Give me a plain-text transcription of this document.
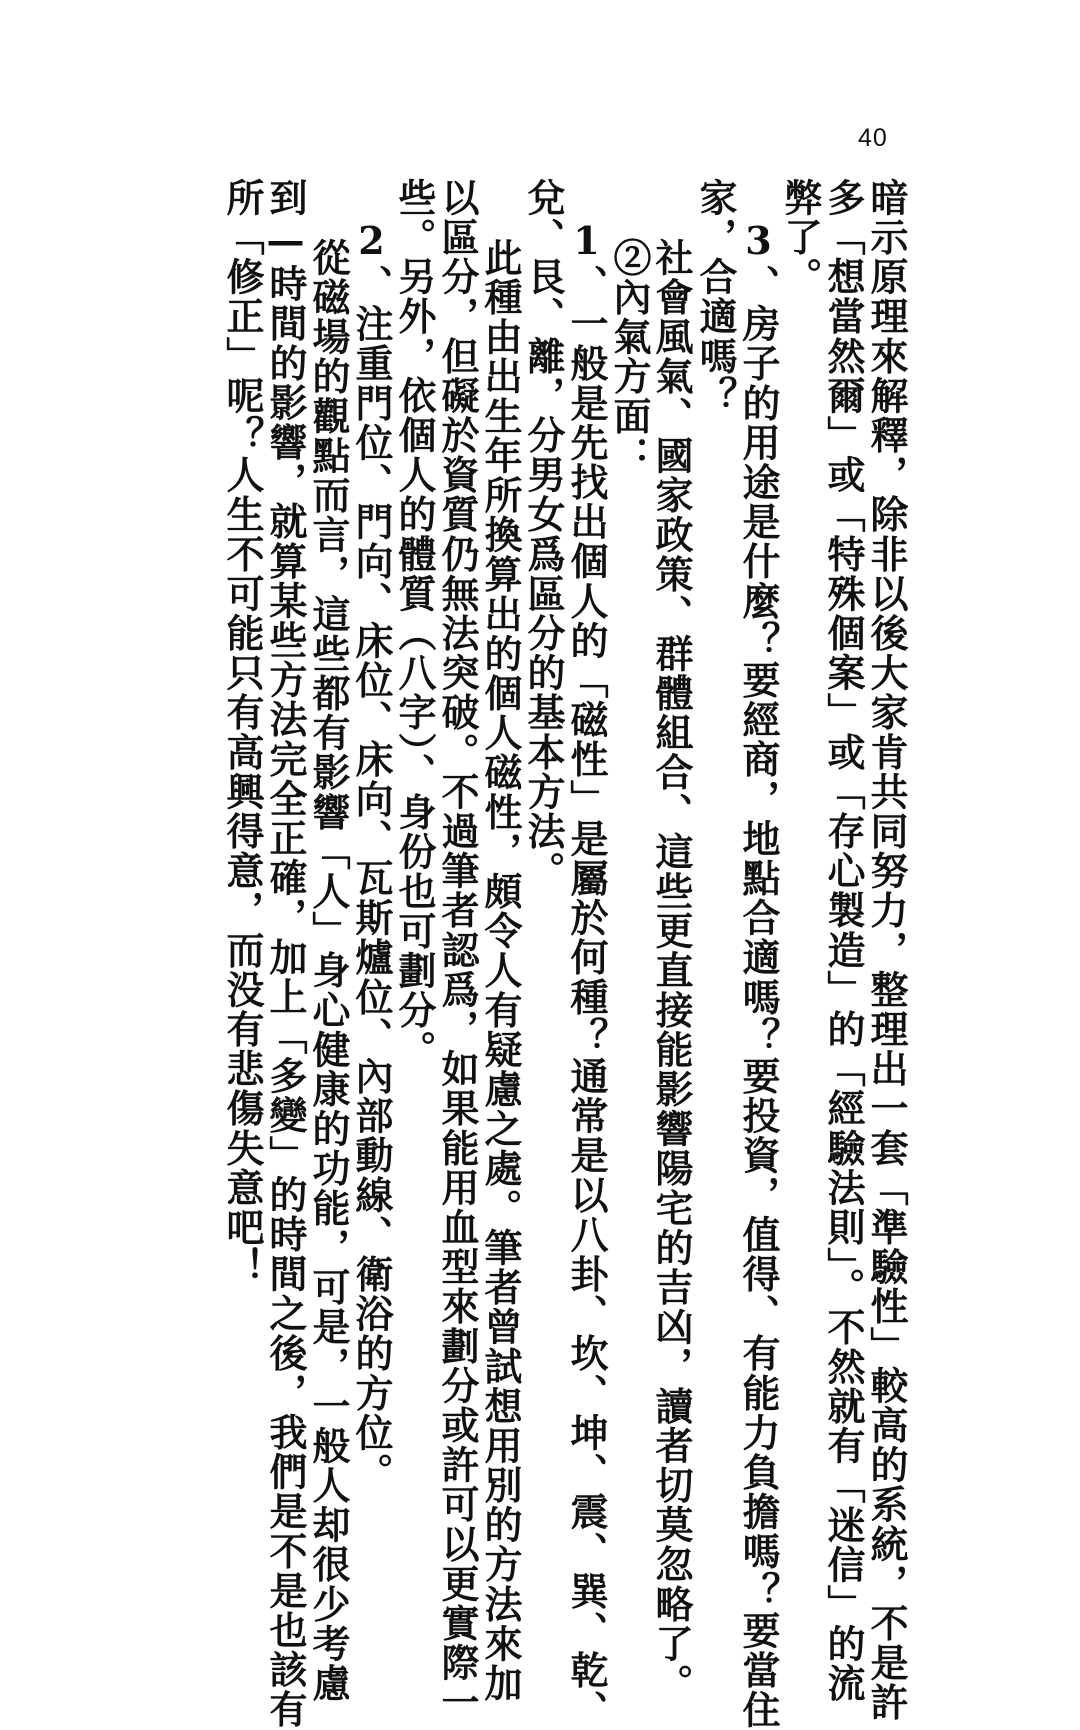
40
暗示原理來解釋，除非以後大家肯共同努力，整理出一套「準驗性」較高的系統，不是許
多「想當然爾」或「特殊個案」或「存心製造」的「經驗法則」。不然就有「迷信」的流
弊了。
3、房子的用途是什麼？要經商，地點合適嗎？要投資，值得、有能力負擔嗎？要當住
家，合適嗎？
社會風氣、國家政策、群體組合、這些更直接能影響陽宅的吉凶，讀者切莫忽略了。
②內氣方面：
1、一般是先找出個人的「磁性」是屬於何種？通常是以八卦、坎、坤、震、巽、乾、
兌、艮、離，分男女爲區分的基本方法。
此種由出生年所換算出的個人磁性，頗令人有疑慮之處。筆者曾試想用別的方法來加
以區分，但礙於資質仍無法突破。不過筆者認爲，如果能用血型來劃分或許可以更實際一
些。另外，依個人的體質（八字）、身份也可劃分。
2、注重門位、門向、床位、床向、瓦斯爐位、內部動線、衛浴的方位。
從磁場的觀點而言，這些都有影響「人」身心健康的功能，可是，一般人却很少考慮
到—時間的影響，就算某些方法完全正確，加上「多變」的時間之後，我們是不是也該有
所「修正」呢？人生不可能只有高興得意，而没有悲傷失意吧！
